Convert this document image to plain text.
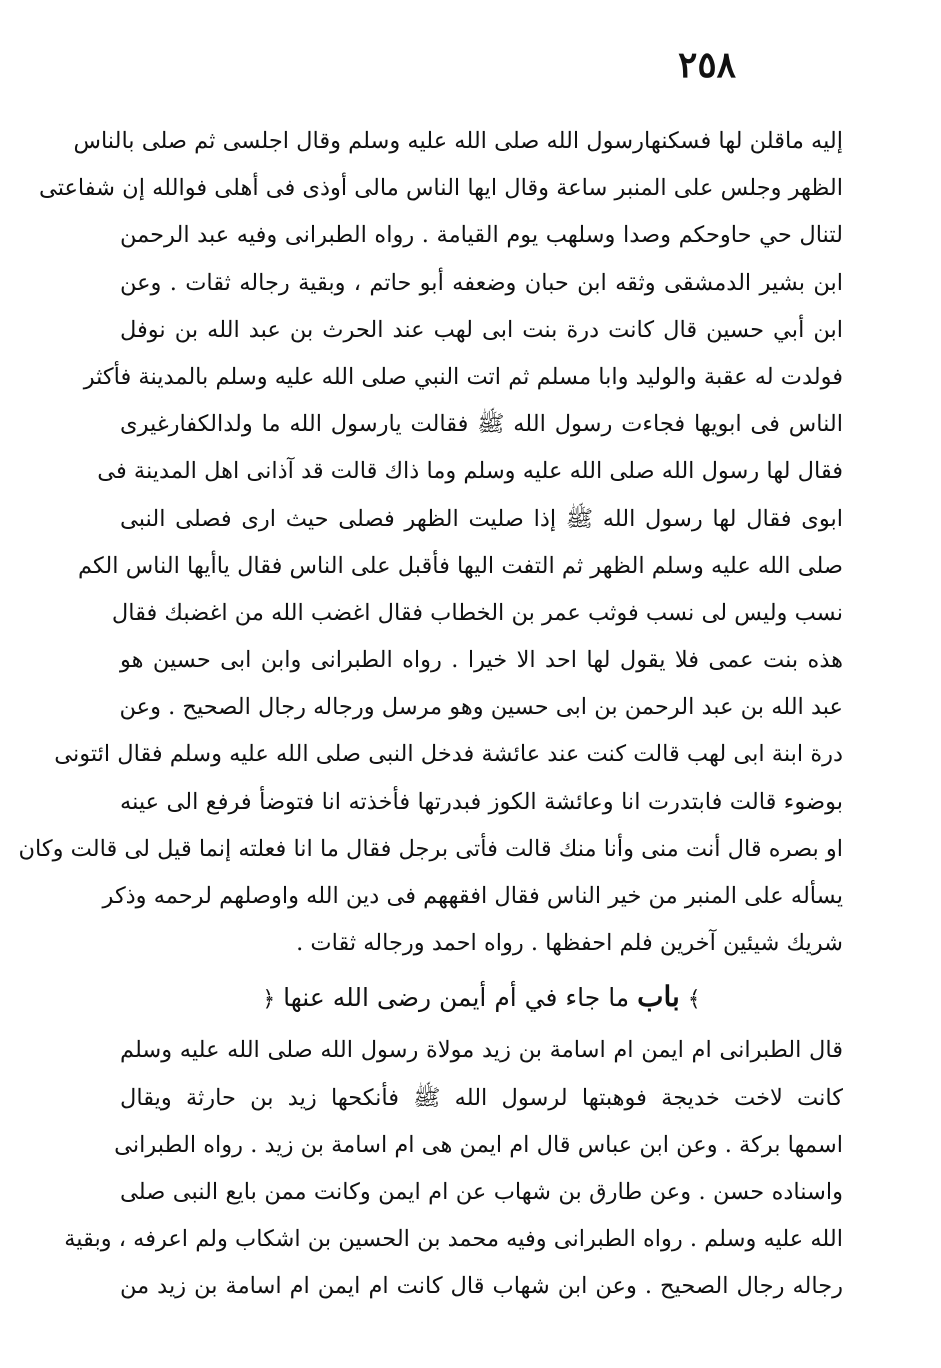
٢٥٨
إليه ماقلن لها فسكنهارسول الله صلى الله عليه وسلم وقال اجلسى ثم صلى بالناس
الظهر وجلس على المنبر ساعة وقال ايها الناس مالى أوذى فى أهلى فوالله إن شفاعتى
لتنال حي حاوحكم وصدا وسلهب يوم القيامة . رواه الطبرانى وفيه عبد الرحمن
ابن بشير الدمشقى وثقه ابن حبان وضعفه أبو حاتم ، وبقية رجاله ثقات . وعن
ابن أبي حسين قال كانت درة بنت ابى لهب عند الحرث بن عبد الله بن نوفل
فولدت له عقبة والوليد وابا مسلم ثم اتت النبي صلى الله عليه وسلم بالمدينة فأكثر
الناس فى ابويها فجاءت رسول الله ﷺ فقالت يارسول الله ما ولدالكفارغيرى
فقال لها رسول الله صلى الله عليه وسلم وما ذاك قالت قد آذانى اهل المدينة فى
ابوى فقال لها رسول الله ﷺ إذا صليت الظهر فصلى حيث ارى فصلى النبى
صلى الله عليه وسلم الظهر ثم التفت اليها فأقبل على الناس فقال ياأيها الناس الكم
نسب وليس لى نسب فوثب عمر بن الخطاب فقال اغضب الله من اغضبك فقال
هذه بنت عمى فلا يقول لها احد الا خيرا . رواه الطبرانى وابن ابى حسين هو
عبد الله بن عبد الرحمن بن ابى حسين وهو مرسل ورجاله رجال الصحيح . وعن
درة ابنة ابى لهب قالت كنت عند عائشة فدخل النبى صلى الله عليه وسلم فقال ائتونى
بوضوء قالت فابتدرت انا وعائشة الكوز فبدرتها فأخذته انا فتوضأ فرفع الى عينه
او بصره قال أنت منى وأنا منك قالت فأتى برجل فقال ما انا فعلته إنما قيل لى قالت وكان
يسأله على المنبر من خير الناس فقال افقههم فى دين الله واوصلهم لرحمه وذكر
شريك شيئين آخرين فلم احفظها . رواه احمد ورجاله ثقات .
﴾ باب ما جاء في أم أيمن رضى الله عنها ﴿
قال الطبرانى ام ايمن ام اسامة بن زيد مولاة رسول الله صلى الله عليه وسلم
كانت لاخت خديجة فوهبتها لرسول الله ﷺ فأنكحها زيد بن حارثة ويقال
اسمها بركة . وعن ابن عباس قال ام ايمن هى ام اسامة بن زيد . رواه الطبرانى
واسناده حسن . وعن طارق بن شهاب عن ام ايمن وكانت ممن بايع النبى صلى
الله عليه وسلم . رواه الطبرانى وفيه محمد بن الحسين بن اشكاب ولم اعرفه ، وبقية
رجاله رجال الصحيح . وعن ابن شهاب قال كانت ام ايمن ام اسامة بن زيد من
